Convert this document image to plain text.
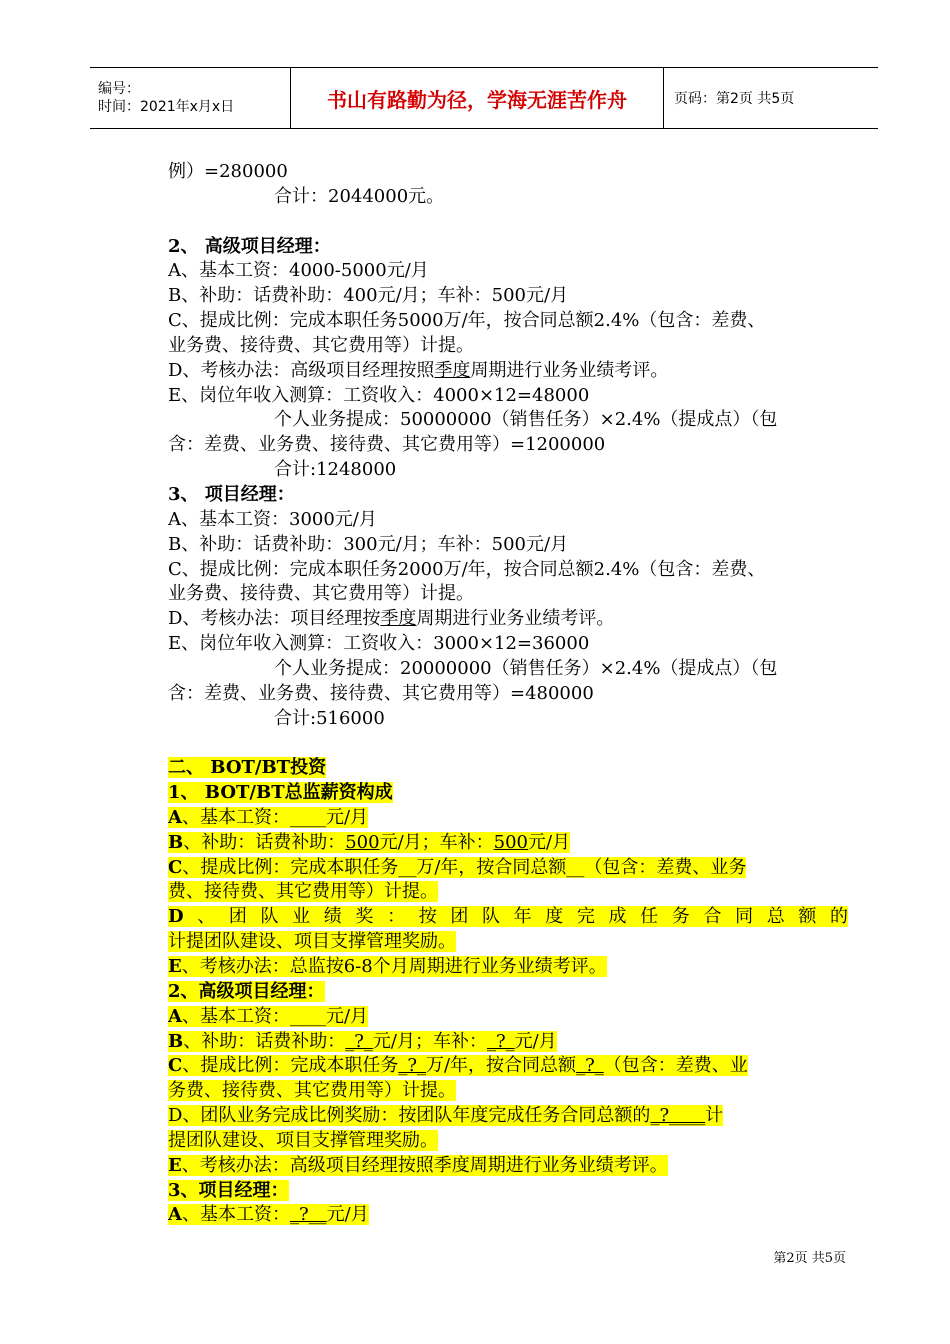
编号：
时间：2021年x月x日	书山有路勤为径，学海无涯苦作舟	页码：第2页 共5页
例）=280000
合计：2044000元。
2、 高级项目经理：
A、基本工资：4000-5000元/月
B、补助：话费补助：400元/月；车补：500元/月
C、提成比例：完成本职任务5000万/年，按合同总额2.4%（包含：差费、
业务费、接待费、其它费用等）计提。
D、考核办法：高级项目经理按照季度周期进行业务业绩考评。
E、岗位年收入测算：工资收入：4000×12=48000
个人业务提成：50000000（销售任务）×2.4%（提成点）（包
含：差费、业务费、接待费、其它费用等）=1200000
合计:1248000
3、 项目经理：
A、基本工资：3000元/月
B、补助：话费补助：300元/月；车补：500元/月
C、提成比例：完成本职任务2000万/年，按合同总额2.4%（包含：差费、
业务费、接待费、其它费用等）计提。
D、考核办法：项目经理按季度周期进行业务业绩考评。
E、岗位年收入测算：工资收入：3000×12=36000
个人业务提成：20000000（销售任务）×2.4%（提成点）（包
含：差费、业务费、接待费、其它费用等）=480000
合计:516000
二、 BOT/BT投资
1、 BOT/BT总监薪资构成
A、基本工资：____元/月
B、补助：话费补助：500元/月；车补：500元/月
C、提成比例：完成本职任务__万/年，按合同总额__（包含：差费、业务
费、接待费、其它费用等）计提。
D、团队业绩奖：按团队年度完成任务合同总额的
计提团队建设、项目支撑管理奖励。
E、考核办法：总监按6-8个月周期进行业务业绩考评。
2、高级项目经理：
A、基本工资：____元/月
B、补助：话费补助：_?_元/月；车补：_?_元/月
C、提成比例：完成本职任务_?_万/年，按合同总额_?_（包含：差费、业
务费、接待费、其它费用等）计提。
D、团队业务完成比例奖励：按团队年度完成任务合同总额的_?____计
提团队建设、项目支撑管理奖励。
E、考核办法：高级项目经理按照季度周期进行业务业绩考评。
3、项目经理：
A、基本工资：_?__元/月
第2页 共5页
